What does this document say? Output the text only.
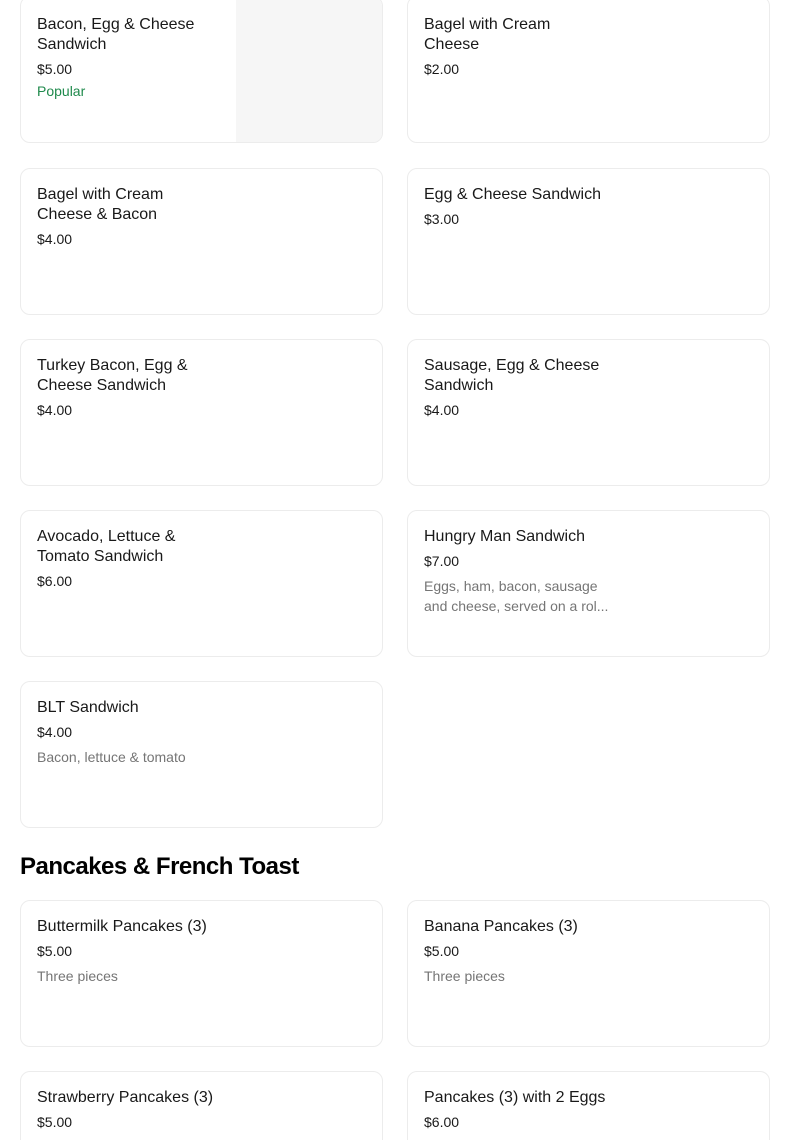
Bacon, Egg & Cheese Sandwich
$5.00
Popular
Bagel with Cream Cheese
$2.00
Bagel with Cream Cheese & Bacon
$4.00
Egg & Cheese Sandwich
$3.00
Turkey Bacon, Egg & Cheese Sandwich
$4.00
Sausage, Egg & Cheese Sandwich
$4.00
Avocado, Lettuce & Tomato Sandwich
$6.00
Hungry Man Sandwich
$7.00
Eggs, ham, bacon, sausage and cheese, served on a rol...
BLT Sandwich
$4.00
Bacon, lettuce & tomato
Pancakes & French Toast
Buttermilk Pancakes (3)
$5.00
Three pieces
Banana Pancakes (3)
$5.00
Three pieces
Strawberry Pancakes (3)
$5.00
Pancakes (3) with 2 Eggs
$6.00
